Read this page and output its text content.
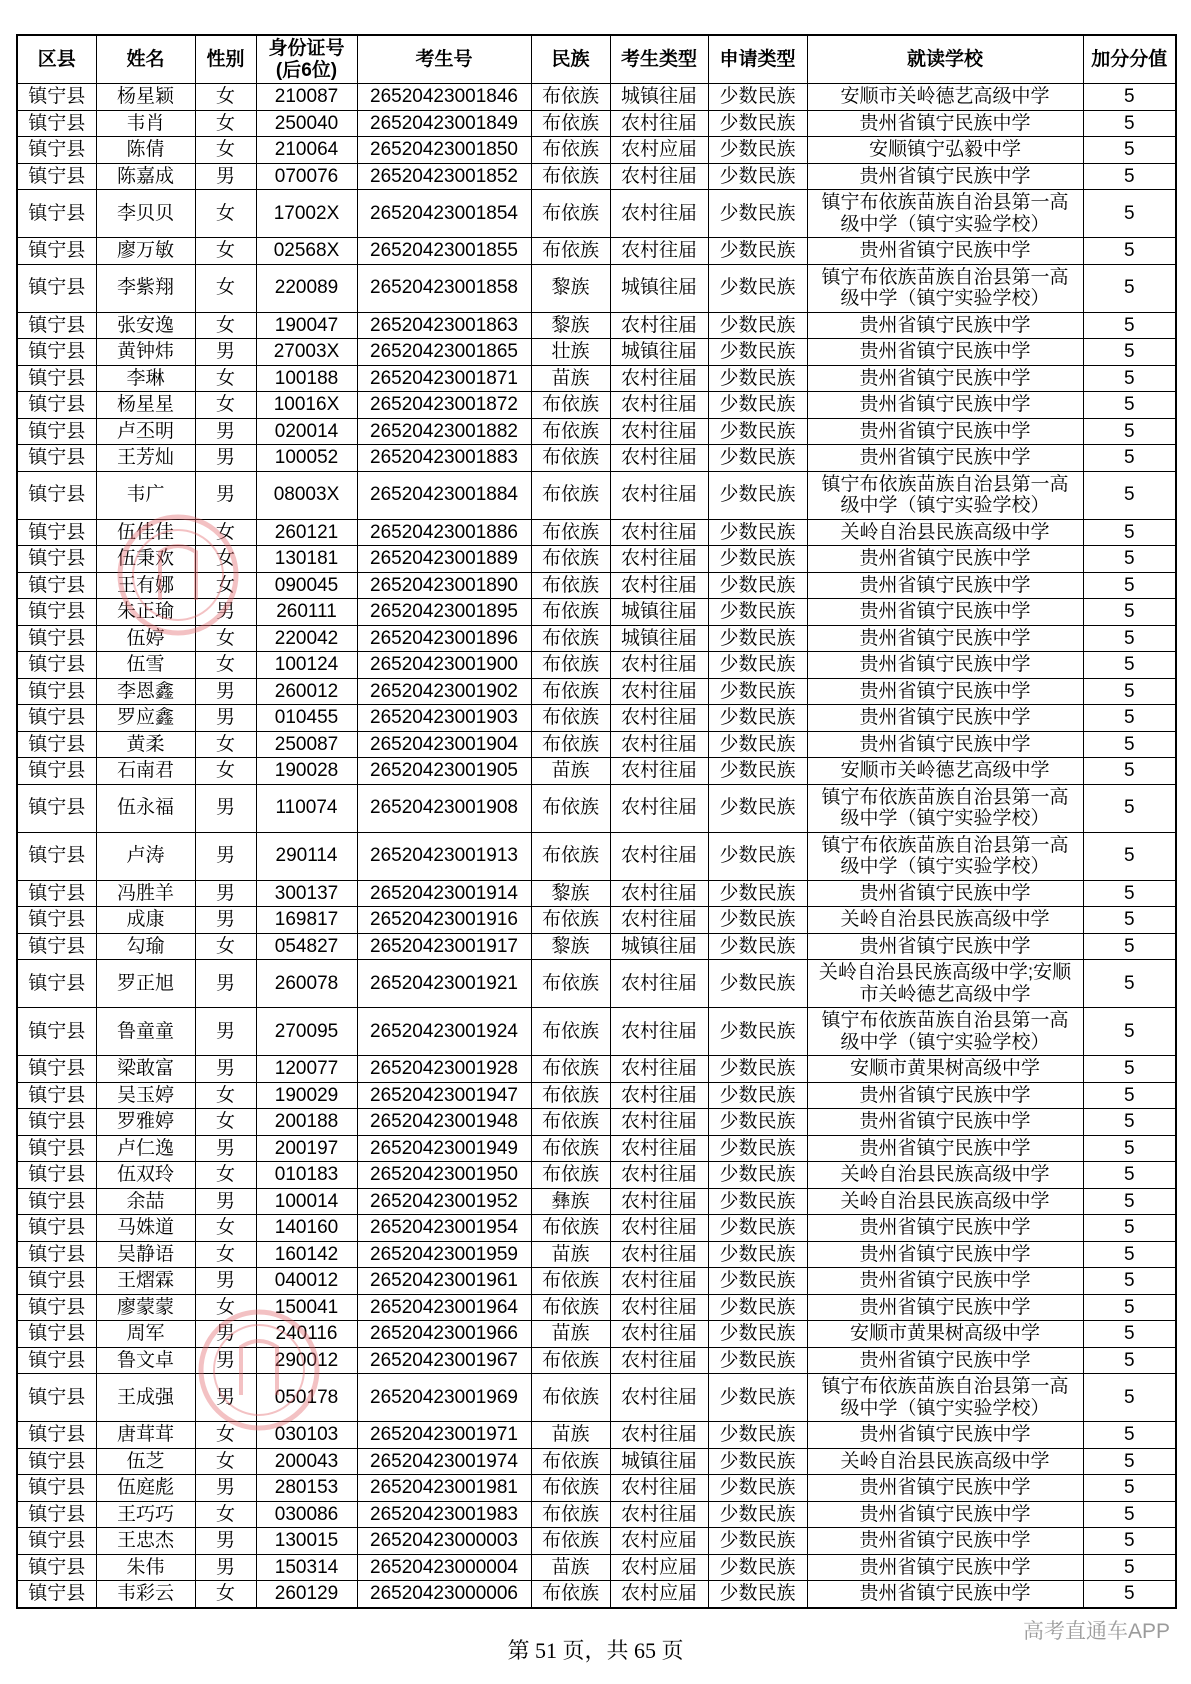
区县	姓名	性别	身份证号
(后6位)	考生号	民族	考生类型	申请类型	就读学校	加分分值
镇宁县	杨星颖	女	210087	26520423001846	布依族	城镇往届	少数民族	安顺市关岭德艺高级中学	5
镇宁县	韦肖	女	250040	26520423001849	布依族	农村往届	少数民族	贵州省镇宁民族中学	5
镇宁县	陈倩	女	210064	26520423001850	布依族	农村应届	少数民族	安顺镇宁弘毅中学	5
镇宁县	陈嘉成	男	070076	26520423001852	布依族	农村往届	少数民族	贵州省镇宁民族中学	5
镇宁县	李贝贝	女	17002X	26520423001854	布依族	农村往届	少数民族	镇宁布依族苗族自治县第一高级中学（镇宁实验学校）	5
镇宁县	廖万敏	女	02568X	26520423001855	布依族	农村往届	少数民族	贵州省镇宁民族中学	5
镇宁县	李紫翔	女	220089	26520423001858	黎族	城镇往届	少数民族	镇宁布依族苗族自治县第一高级中学（镇宁实验学校）	5
镇宁县	张安逸	女	190047	26520423001863	黎族	农村往届	少数民族	贵州省镇宁民族中学	5
镇宁县	黄钟炜	男	27003X	26520423001865	壮族	城镇往届	少数民族	贵州省镇宁民族中学	5
镇宁县	李琳	女	100188	26520423001871	苗族	农村往届	少数民族	贵州省镇宁民族中学	5
镇宁县	杨星星	女	10016X	26520423001872	布依族	农村往届	少数民族	贵州省镇宁民族中学	5
镇宁县	卢丕明	男	020014	26520423001882	布依族	农村往届	少数民族	贵州省镇宁民族中学	5
镇宁县	王芳灿	男	100052	26520423001883	布依族	农村往届	少数民族	贵州省镇宁民族中学	5
镇宁县	韦广	男	08003X	26520423001884	布依族	农村往届	少数民族	镇宁布依族苗族自治县第一高级中学（镇宁实验学校）	5
镇宁县	伍佳佳	女	260121	26520423001886	布依族	农村往届	少数民族	关岭自治县民族高级中学	5
镇宁县	伍秉欢	女	130181	26520423001889	布依族	农村往届	少数民族	贵州省镇宁民族中学	5
镇宁县	王有娜	女	090045	26520423001890	布依族	农村往届	少数民族	贵州省镇宁民族中学	5
镇宁县	朱正瑜	男	260111	26520423001895	布依族	城镇往届	少数民族	贵州省镇宁民族中学	5
镇宁县	伍婷	女	220042	26520423001896	布依族	城镇往届	少数民族	贵州省镇宁民族中学	5
镇宁县	伍雪	女	100124	26520423001900	布依族	农村往届	少数民族	贵州省镇宁民族中学	5
镇宁县	李恩鑫	男	260012	26520423001902	布依族	农村往届	少数民族	贵州省镇宁民族中学	5
镇宁县	罗应鑫	男	010455	26520423001903	布依族	农村往届	少数民族	贵州省镇宁民族中学	5
镇宁县	黄柔	女	250087	26520423001904	布依族	农村往届	少数民族	贵州省镇宁民族中学	5
镇宁县	石南君	女	190028	26520423001905	苗族	农村往届	少数民族	安顺市关岭德艺高级中学	5
镇宁县	伍永福	男	110074	26520423001908	布依族	农村往届	少数民族	镇宁布依族苗族自治县第一高级中学（镇宁实验学校）	5
镇宁县	卢涛	男	290114	26520423001913	布依族	农村往届	少数民族	镇宁布依族苗族自治县第一高级中学（镇宁实验学校）	5
镇宁县	冯胜羊	男	300137	26520423001914	黎族	农村往届	少数民族	贵州省镇宁民族中学	5
镇宁县	成康	男	169817	26520423001916	布依族	农村往届	少数民族	关岭自治县民族高级中学	5
镇宁县	勾瑜	女	054827	26520423001917	黎族	城镇往届	少数民族	贵州省镇宁民族中学	5
镇宁县	罗正旭	男	260078	26520423001921	布依族	农村往届	少数民族	关岭自治县民族高级中学;安顺市关岭德艺高级中学	5
镇宁县	鲁童童	男	270095	26520423001924	布依族	农村往届	少数民族	镇宁布依族苗族自治县第一高级中学（镇宁实验学校）	5
镇宁县	梁敢富	男	120077	26520423001928	布依族	农村往届	少数民族	安顺市黄果树高级中学	5
镇宁县	吴玉婷	女	190029	26520423001947	布依族	农村往届	少数民族	贵州省镇宁民族中学	5
镇宁县	罗雅婷	女	200188	26520423001948	布依族	农村往届	少数民族	贵州省镇宁民族中学	5
镇宁县	卢仁逸	男	200197	26520423001949	布依族	农村往届	少数民族	贵州省镇宁民族中学	5
镇宁县	伍双玲	女	010183	26520423001950	布依族	农村往届	少数民族	关岭自治县民族高级中学	5
镇宁县	余喆	男	100014	26520423001952	彝族	农村往届	少数民族	关岭自治县民族高级中学	5
镇宁县	马姝道	女	140160	26520423001954	布依族	农村往届	少数民族	贵州省镇宁民族中学	5
镇宁县	吴静语	女	160142	26520423001959	苗族	农村往届	少数民族	贵州省镇宁民族中学	5
镇宁县	王熠霖	男	040012	26520423001961	布依族	农村往届	少数民族	贵州省镇宁民族中学	5
镇宁县	廖蒙蒙	女	150041	26520423001964	布依族	农村往届	少数民族	贵州省镇宁民族中学	5
镇宁县	周军	男	240116	26520423001966	苗族	农村往届	少数民族	安顺市黄果树高级中学	5
镇宁县	鲁文卓	男	290012	26520423001967	布依族	农村往届	少数民族	贵州省镇宁民族中学	5
镇宁县	王成强	男	050178	26520423001969	布依族	农村往届	少数民族	镇宁布依族苗族自治县第一高级中学（镇宁实验学校）	5
镇宁县	唐茸茸	女	030103	26520423001971	苗族	农村往届	少数民族	贵州省镇宁民族中学	5
镇宁县	伍芝	女	200043	26520423001974	布依族	城镇往届	少数民族	关岭自治县民族高级中学	5
镇宁县	伍庭彪	男	280153	26520423001981	布依族	农村往届	少数民族	贵州省镇宁民族中学	5
镇宁县	王巧巧	女	030086	26520423001983	布依族	农村往届	少数民族	贵州省镇宁民族中学	5
镇宁县	王忠杰	男	130015	26520423000003	布依族	农村应届	少数民族	贵州省镇宁民族中学	5
镇宁县	朱伟	男	150314	26520423000004	苗族	农村应届	少数民族	贵州省镇宁民族中学	5
镇宁县	韦彩云	女	260129	26520423000006	布依族	农村应届	少数民族	贵州省镇宁民族中学	5
高考直通车APP
第 51 页，共 65 页
